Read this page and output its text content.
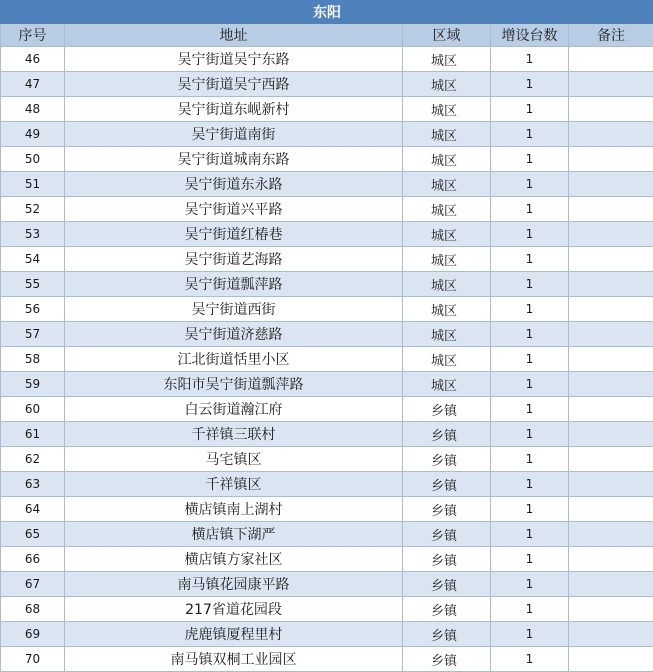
东阳				
序号	地址	区域	增设台数	备注
46	吴宁街道吴宁东路	城区	1	
47	吴宁街道吴宁西路	城区	1	
48	吴宁街道东岘新村	城区	1	
49	吴宁街道南街	城区	1	
50	吴宁街道城南东路	城区	1	
51	吴宁街道东永路	城区	1	
52	吴宁街道兴平路	城区	1	
53	吴宁街道红椿巷	城区	1	
54	吴宁街道艺海路	城区	1	
55	吴宁街道瓢萍路	城区	1	
56	吴宁街道西街	城区	1	
57	吴宁街道济慈路	城区	1	
58	江北街道恬里小区	城区	1	
59	东阳市吴宁街道瓢萍路	城区	1	
60	白云街道瀚江府	乡镇	1	
61	千祥镇三联村	乡镇	1	
62	马宅镇区	乡镇	1	
63	千祥镇区	乡镇	1	
64	横店镇南上湖村	乡镇	1	
65	横店镇下湖严	乡镇	1	
66	横店镇方家社区	乡镇	1	
67	南马镇花园康平路	乡镇	1	
68	217省道花园段	乡镇	1	
69	虎鹿镇厦程里村	乡镇	1	
70	南马镇双桐工业园区	乡镇	1	
